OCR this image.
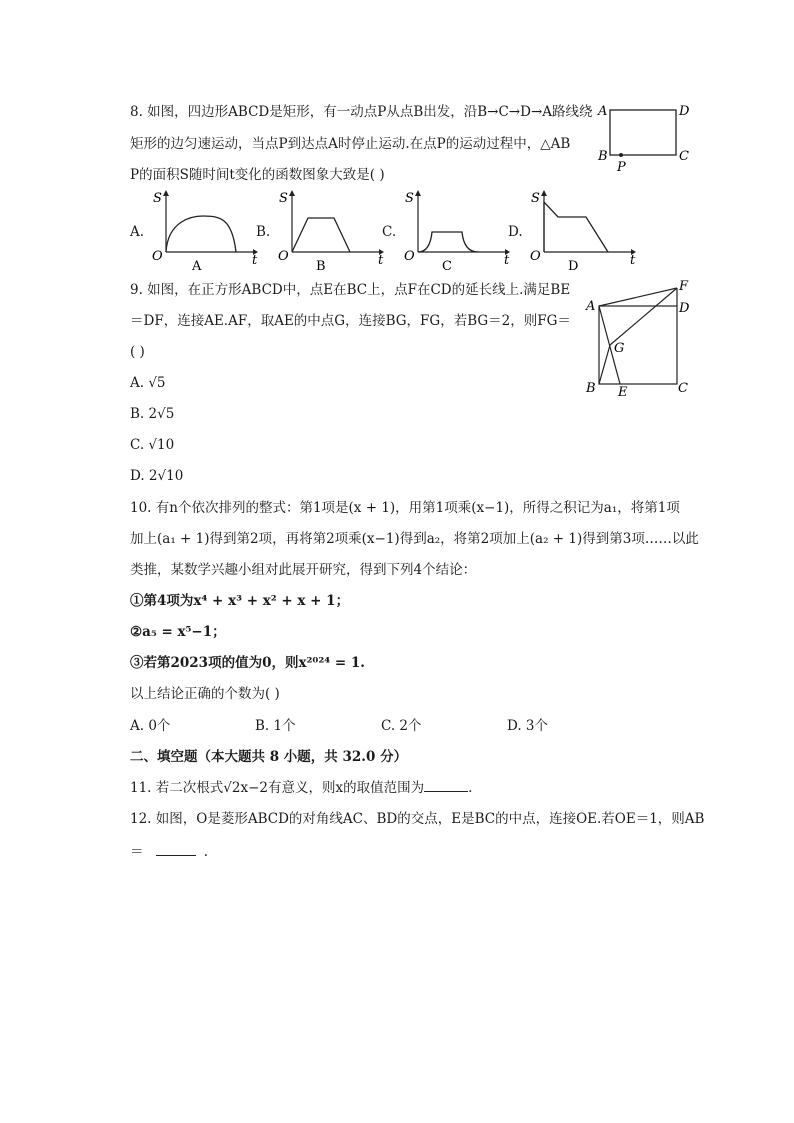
8. 如图，四边形ABCD是矩形，有一动点P从点B出发，沿B→C→D→A路线绕
矩形的边匀速运动，当点P到达点A时停止运动.在点P的运动过程中，△AB
P的面积S随时间t变化的函数图象大致是( )
A	D
B	C
P
A.
S
t
O
A
B.
S
t
O
B
C.
S
t
O
C
D.
S
t
O
D
9. 如图，在正方形ABCD中，点E在BC上，点F在CD的延长线上.满足BE
＝DF，连接AE.AF，取AE的中点G，连接BG，FG，若BG＝2，则FG＝
( )
A. √5
B. 2√5
C. √10
D. 2√10
A
F
D
G
B E	C
10. 有n个依次排列的整式：第1项是(x + 1)，用第1项乘(x−1)，所得之积记为a₁，将第1项
加上(a₁ + 1)得到第2项，再将第2项乘(x−1)得到a₂，将第2项加上(a₂ + 1)得到第3项……以此
类推，某数学兴趣小组对此展开研究，得到下列4个结论：
①第4项为x⁴ + x³ + x² + x + 1；
②a₅ = x⁵−1；
③若第2023项的值为0，则x²⁰²⁴ = 1.
以上结论正确的个数为( )
A. 0个	B. 1个	C. 2个	D. 3个
二、填空题（本大题共 8 小题，共 32.0 分）
11. 若二次根式√2x−2有意义，则x的取值范围为	.
12. 如图，O是菱形ABCD的对角线AC、BD的交点，E是BC的中点，连接OE.若OE＝1，则AB
＝	.
